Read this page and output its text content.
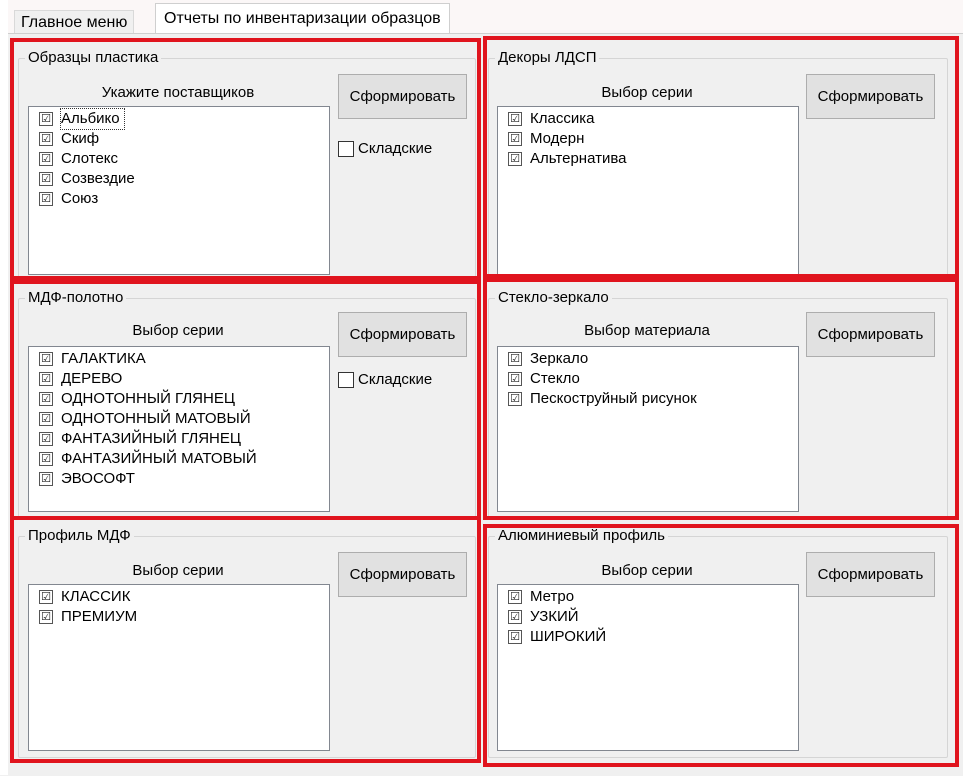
Главное меню	Отчеты по инвентаризации образцов
Образцы пластика
Укажите поставщиков
☑ Альбико
☑ Скиф
☑ Слотекс
☑ Созвездие
☑ Союз
Сформировать
Складские
Декоры ЛДСП
Выбор серии
☑ Классика
☑ Модерн
☑ Альтернатива
Сформировать
МДФ-полотно
Выбор серии
☑ ГАЛАКТИКА
☑ ДЕРЕВО
☑ ОДНОТОННЫЙ ГЛЯНЕЦ
☑ ОДНОТОННЫЙ МАТОВЫЙ
☑ ФАНТАЗИЙНЫЙ ГЛЯНЕЦ
☑ ФАНТАЗИЙНЫЙ МАТОВЫЙ
☑ ЭВОСОФТ
Сформировать
Складские
Стекло-зеркало
Выбор материала
☑ Зеркало
☑ Стекло
☑ Пескоструйный рисунок
Сформировать
Профиль МДФ
Выбор серии
☑ КЛАССИК
☑ ПРЕМИУМ
Сформировать
Алюминиевый профиль
Выбор серии
☑ Метро
☑ УЗКИЙ
☑ ШИРОКИЙ
Сформировать
